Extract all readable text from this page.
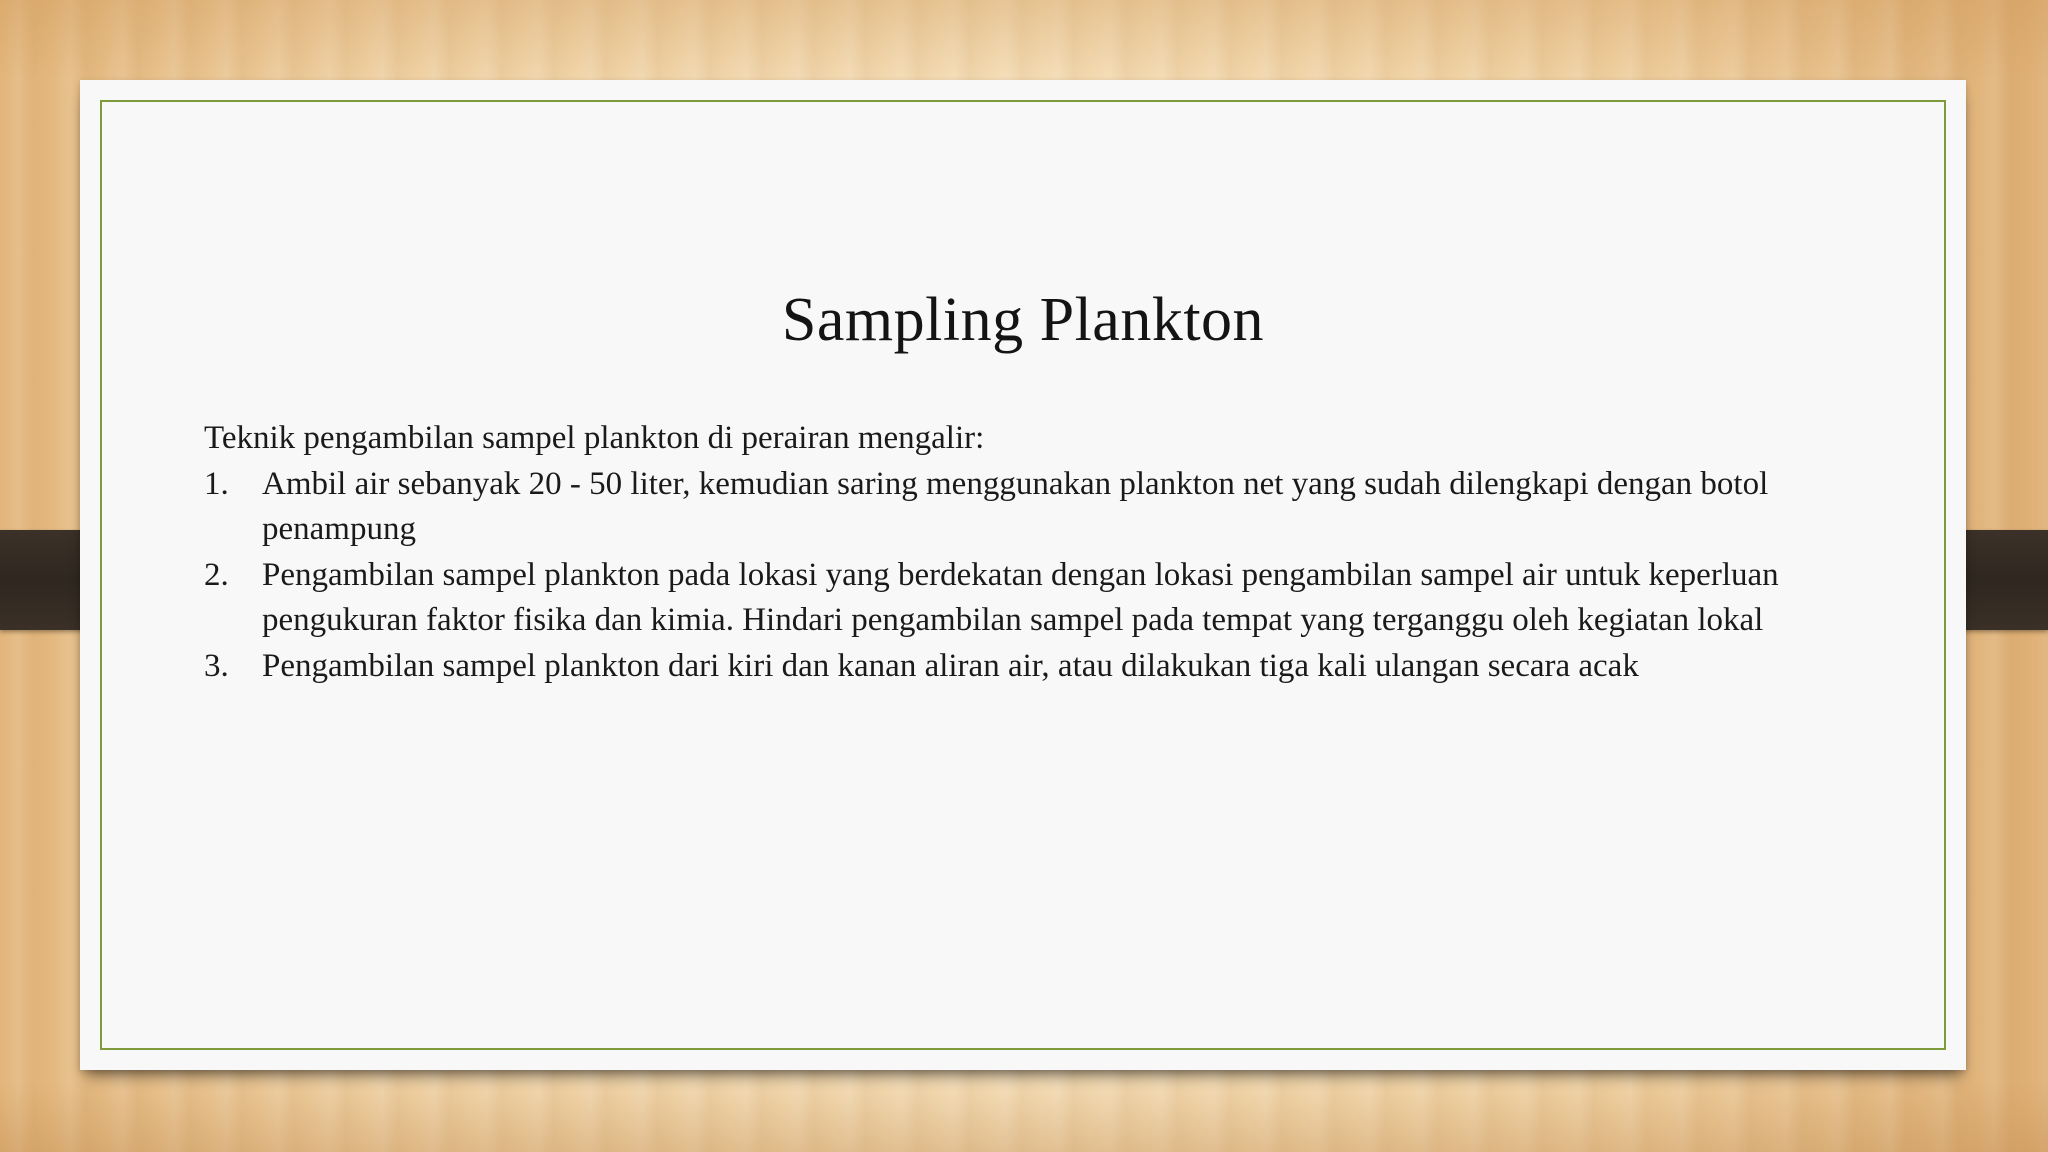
Sampling Plankton

Teknik pengambilan sampel plankton di perairan mengalir:

1.	Ambil air sebanyak 20 - 50 liter, kemudian saring menggunakan plankton net yang sudah dilengkapi dengan botol penampung
2.	Pengambilan sampel plankton pada lokasi yang berdekatan dengan lokasi pengambilan sampel air untuk keperluan pengukuran faktor fisika dan kimia. Hindari pengambilan sampel pada tempat yang terganggu oleh kegiatan lokal
3.	Pengambilan sampel plankton dari kiri dan kanan aliran air, atau dilakukan tiga kali ulangan secara acak
